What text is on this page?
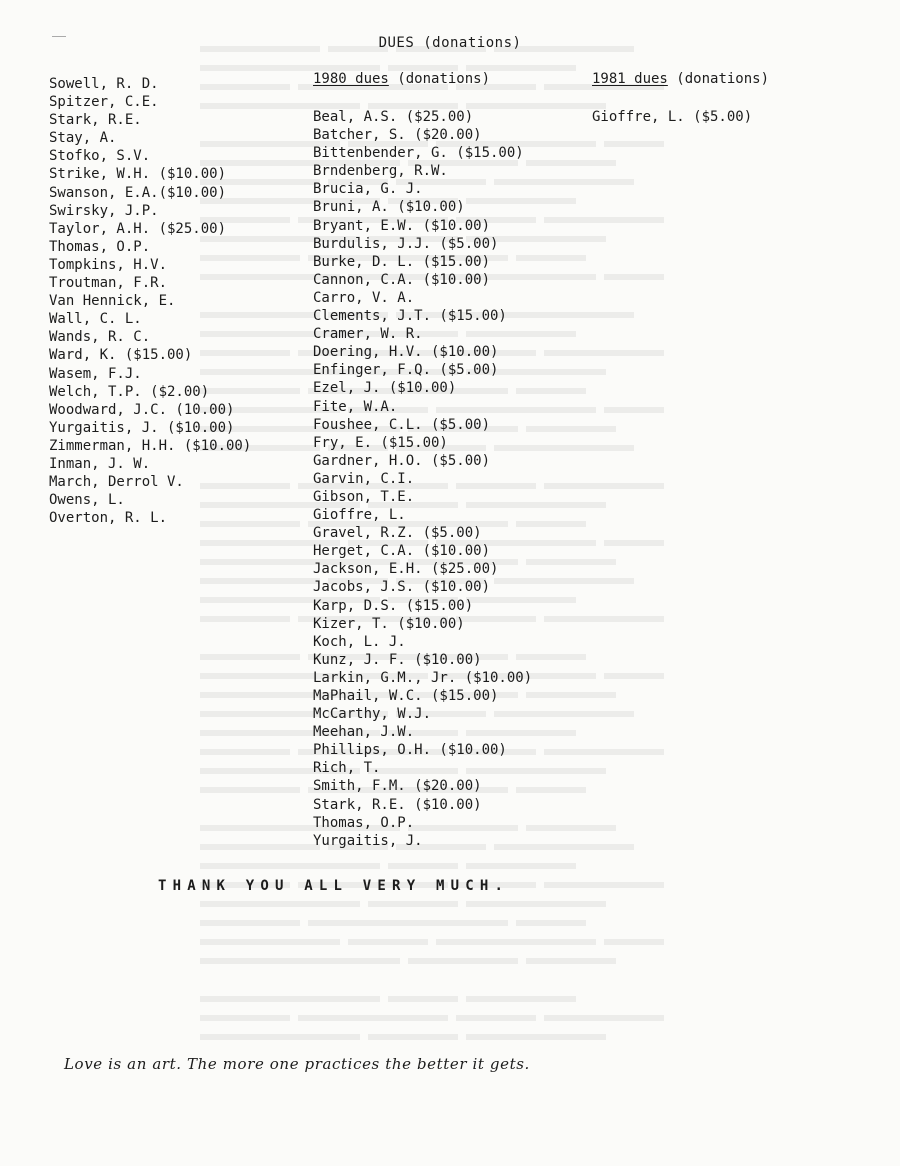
DUES (donations)
Sowell, R. D.
Spitzer, C.E.
Stark, R.E.
Stay, A.
Stofko, S.V.
Strike, W.H. ($10.00)
Swanson, E.A.($10.00)
Swirsky, J.P.
Taylor, A.H. ($25.00)
Thomas, O.P.
Tompkins, H.V.
Troutman, F.R.
Van Hennick, E.
Wall, C. L.
Wands, R. C.
Ward, K. ($15.00)
Wasem, F.J.
Welch, T.P. ($2.00)
Woodward, J.C. (10.00)
Yurgaitis, J. ($10.00)
Zimmerman, H.H. ($10.00)
Inman, J. W.
March, Derrol V.
Owens, L.
Overton, R. L.
1980 dues (donations)	1981 dues (donations)
Beal, A.S. ($25.00)
Batcher, S. ($20.00)
Bittenbender, G. ($15.00)
Brndenberg, R.W.
Brucia, G. J.
Bruni, A. ($10.00)
Bryant, E.W. ($10.00)
Burdulis, J.J. ($5.00)
Burke, D. L. ($15.00)
Cannon, C.A. ($10.00)
Carro, V. A.
Clements, J.T. ($15.00)
Cramer, W. R.
Doering, H.V. ($10.00)
Enfinger, F.Q. ($5.00)
Ezel, J. ($10.00)
Fite, W.A.
Foushee, C.L. ($5.00)
Fry, E. ($15.00)
Gardner, H.O. ($5.00)
Garvin, C.I.
Gibson, T.E.
Gioffre, L.
Gravel, R.Z. ($5.00)
Herget, C.A. ($10.00)
Jackson, E.H. ($25.00)
Jacobs, J.S. ($10.00)
Karp, D.S. ($15.00)
Kizer, T. ($10.00)
Koch, L. J.
Kunz, J. F. ($10.00)
Larkin, G.M., Jr. ($10.00)
MaPhail, W.C. ($15.00)
McCarthy, W.J.
Meehan, J.W.
Phillips, O.H. ($10.00)
Rich, T.
Smith, F.M. ($20.00)
Stark, R.E. ($10.00)
Thomas, O.P.
Yurgaitis, J.
Gioffre, L. ($5.00)
THANK YOU ALL VERY MUCH.
Love is an art. The more one practices the better it gets.
